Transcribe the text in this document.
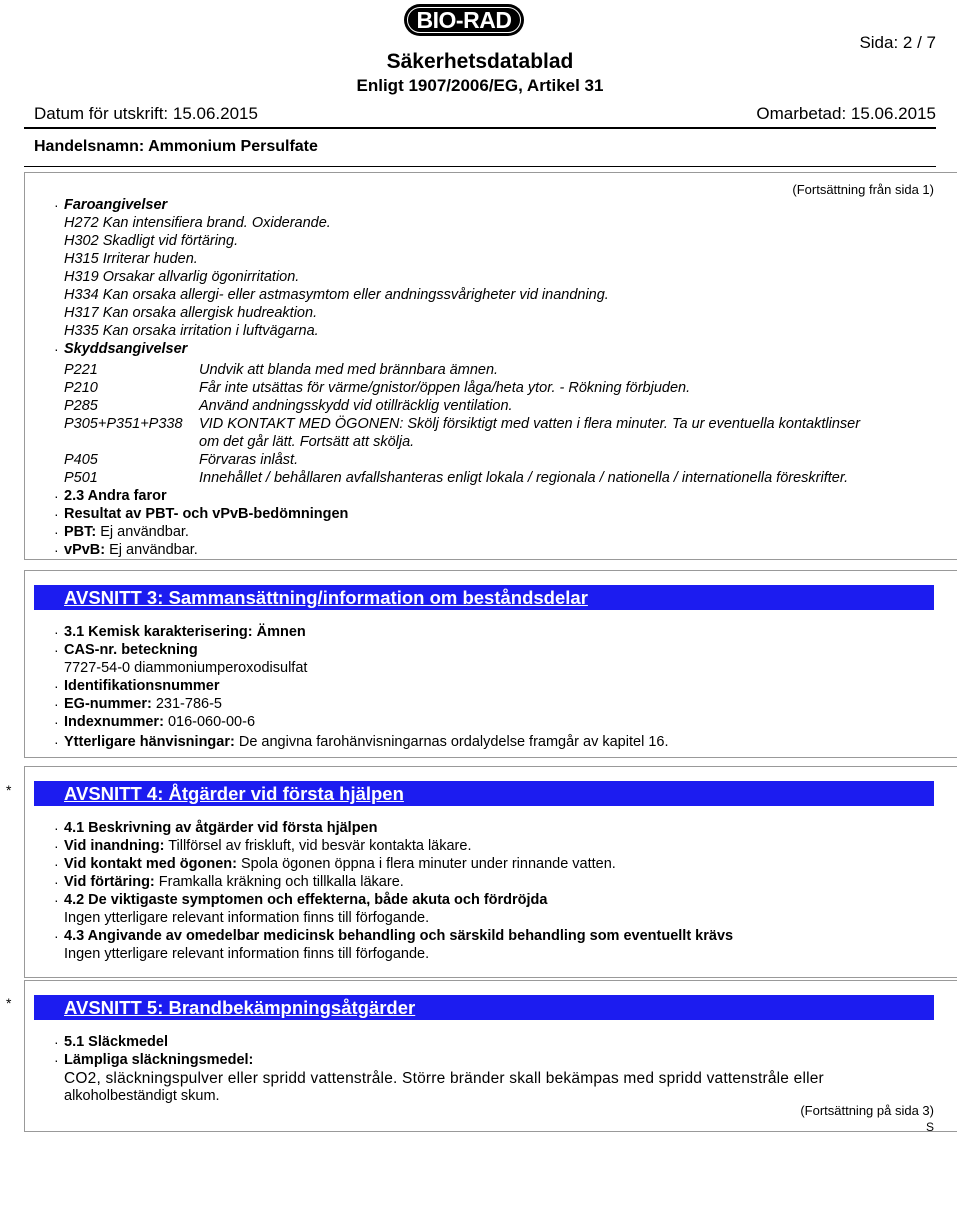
BIO-RAD
Sida: 2 / 7
Säkerhetsdatablad
Enligt 1907/2006/EG, Artikel 31
Datum för utskrift: 15.06.2015	Omarbetad: 15.06.2015
Handelsnamn: Ammonium Persulfate
(Fortsättning från sida 1)
· Faroangivelser
H272 Kan intensifiera brand. Oxiderande.
H302 Skadligt vid förtäring.
H315 Irriterar huden.
H319 Orsakar allvarlig ögonirritation.
H334 Kan orsaka allergi- eller astmasymtom eller andningssvårigheter vid inandning.
H317 Kan orsaka allergisk hudreaktion.
H335 Kan orsaka irritation i luftvägarna.
· Skyddsangivelser
P221	Undvik att blanda med med brännbara ämnen.
P210	Får inte utsättas för värme/gnistor/öppen låga/heta ytor. - Rökning förbjuden.
P285	Använd andningsskydd vid otillräcklig ventilation.
P305+P351+P338 VID KONTAKT MED ÖGONEN: Skölj försiktigt med vatten i flera minuter. Ta ur eventuella kontaktlinser
om det går lätt. Fortsätt att skölja.
P405	Förvaras inlåst.
P501	Innehållet / behållaren avfallshanteras enligt lokala / regionala / nationella / internationella föreskrifter.
· 2.3 Andra faror
· Resultat av PBT- och vPvB-bedömningen
· PBT: Ej användbar.
· vPvB: Ej användbar.
AVSNITT 3: Sammansättning/information om beståndsdelar
· 3.1 Kemisk karakterisering: Ämnen
· CAS-nr. beteckning
7727-54-0 diammoniumperoxodisulfat
· Identifikationsnummer
· EG-nummer: 231-786-5
· Indexnummer: 016-060-00-6
· Ytterligare hänvisningar: De angivna farohänvisningarnas ordalydelse framgår av kapitel 16.
*	AVSNITT 4: Åtgärder vid första hjälpen
· 4.1 Beskrivning av åtgärder vid första hjälpen
· Vid inandning: Tillförsel av friskluft, vid besvär kontakta läkare.
· Vid kontakt med ögonen: Spola ögonen öppna i flera minuter under rinnande vatten.
· Vid förtäring: Framkalla kräkning och tillkalla läkare.
· 4.2 De viktigaste symptomen och effekterna, både akuta och fördröjda
Ingen ytterligare relevant information finns till förfogande.
· 4.3 Angivande av omedelbar medicinsk behandling och särskild behandling som eventuellt krävs
Ingen ytterligare relevant information finns till förfogande.
*	AVSNITT 5: Brandbekämpningsåtgärder
· 5.1 Släckmedel
· Lämpliga släckningsmedel:
CO2, släckningspulver eller spridd vattenstråle. Större bränder skall bekämpas med spridd vattenstråle eller
alkoholbeständigt skum.
(Fortsättning på sida 3)
S
